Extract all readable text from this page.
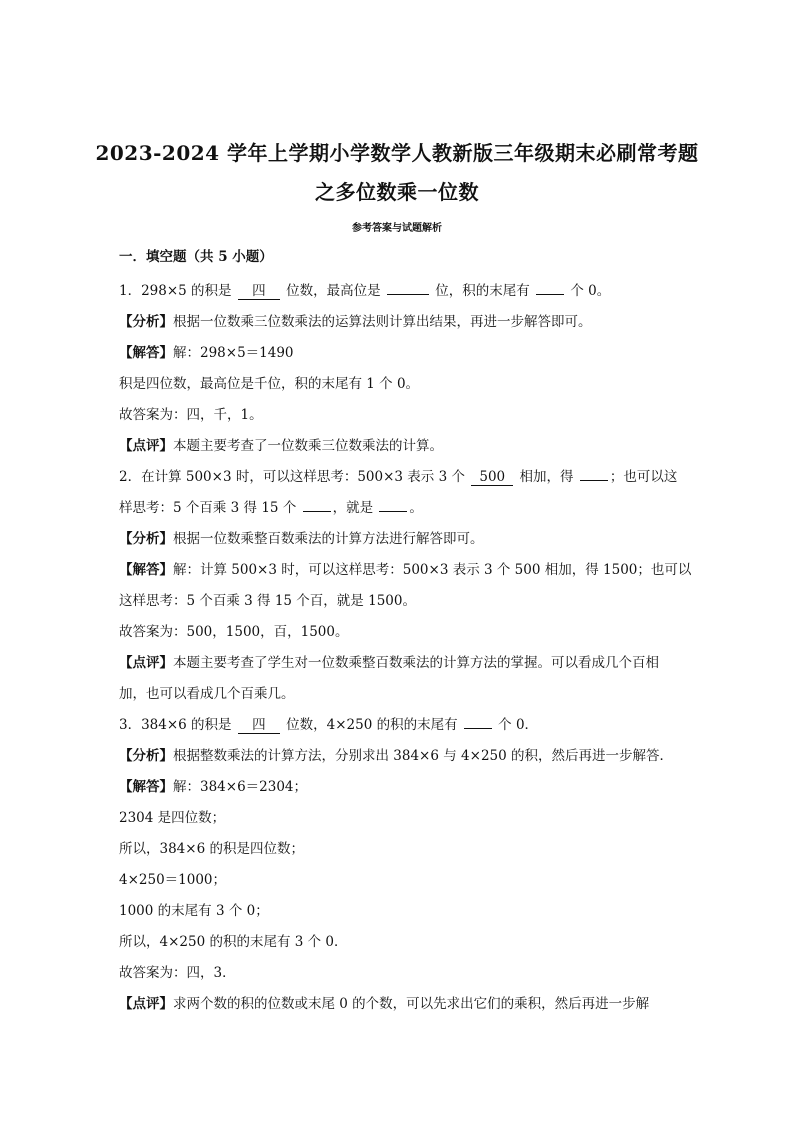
2023-2024 学年上学期小学数学人教新版三年级期末必刷常考题
之多位数乘一位数
参考答案与试题解析
一．填空题（共 5 小题）
1．298×5 的积是 四 位数，最高位是	位，积的末尾有  个 0。
【分析】根据一位数乘三位数乘法的运算法则计算出结果，再进一步解答即可。
【解答】解：298×5＝1490
积是四位数，最高位是千位，积的末尾有 1 个 0。
故答案为：四，千，1。
【点评】本题主要考查了一位数乘三位数乘法的计算。
2．在计算 500×3 时，可以这样思考：500×3 表示 3 个 500 相加，得 ；也可以这
样思考：5 个百乘 3 得 15 个 ，就是 。
【分析】根据一位数乘整百数乘法的计算方法进行解答即可。
【解答】解：计算 500×3 时，可以这样思考：500×3 表示 3 个 500 相加，得 1500；也可以
这样思考：5 个百乘 3 得 15 个百，就是 1500。
故答案为：500，1500，百，1500。
【点评】本题主要考查了学生对一位数乘整百数乘法的计算方法的掌握。可以看成几个百相
加，也可以看成几个百乘几。
3．384×6 的积是 四 位数，4×250 的积的末尾有  个 0．
【分析】根据整数乘法的计算方法，分别求出 384×6 与 4×250 的积，然后再进一步解答．
【解答】解：384×6＝2304；
2304 是四位数；
所以，384×6 的积是四位数；
4×250＝1000；
1000 的末尾有 3 个 0；
所以，4×250 的积的末尾有 3 个 0．
故答案为：四，3．
【点评】求两个数的积的位数或末尾 0 的个数，可以先求出它们的乘积，然后再进一步解
